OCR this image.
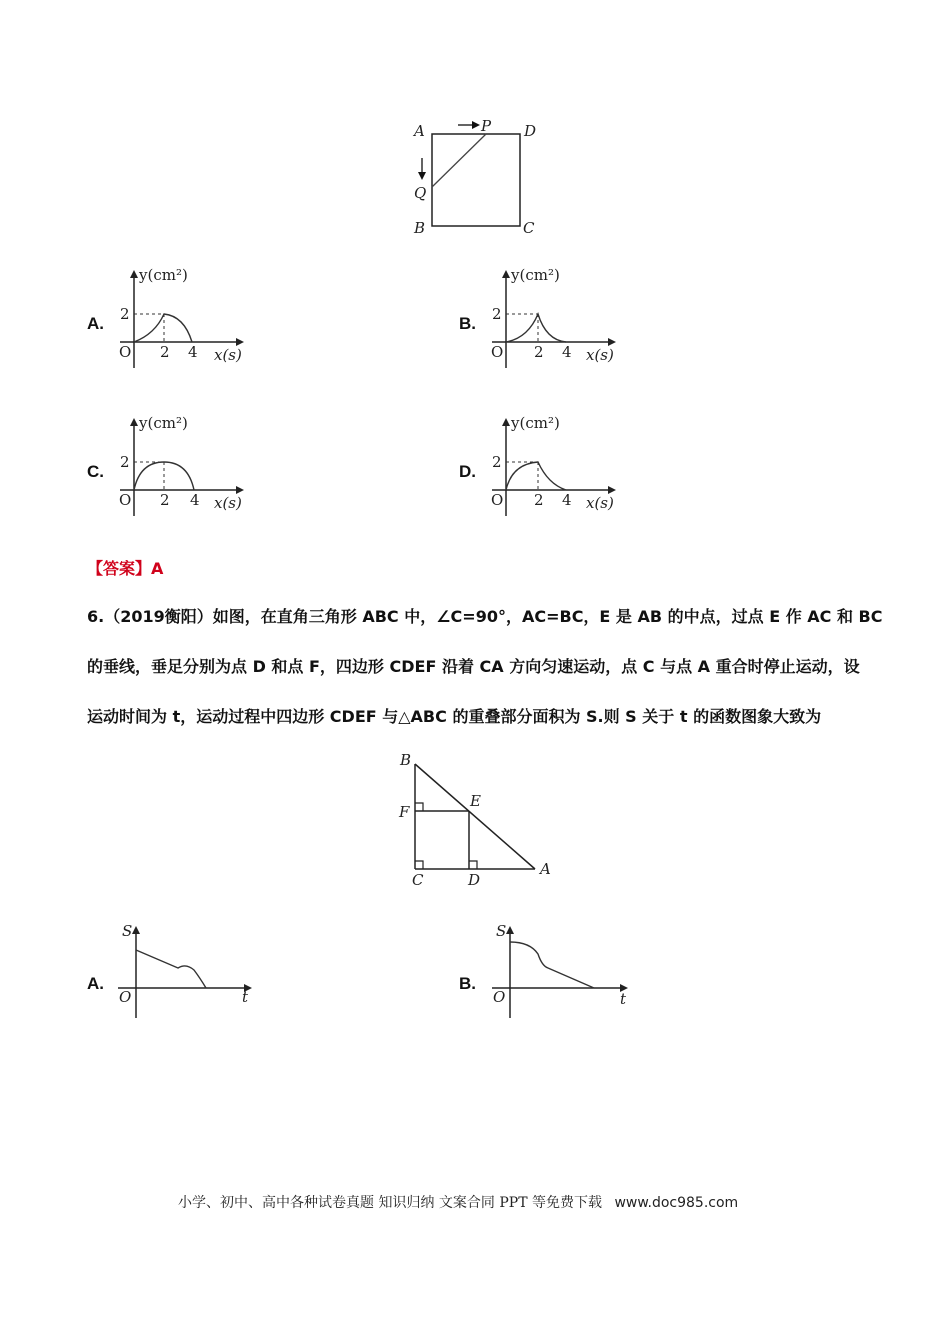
A	P D
Q
B	C
A.
y(cm²)
2
O 2 4 x(s)
B.
y(cm²)
2
O 2 4 x(s)
C.
y(cm²)
2
O 2 4 x(s)
D.
y(cm²)
2
O 2 4 x(s)
【答案】A
6.（2019衡阳）如图，在直角三角形 ABC 中，∠C=90°，AC=BC，E 是 AB 的中点，过点 E 作 AC 和 BC
的垂线，垂足分别为点 D 和点 F，四边形 CDEF 沿着 CA 方向匀速运动，点 C 与点 A 重合时停止运动，设
运动时间为 t，运动过程中四边形 CDEF 与△ABC 的重叠部分面积为 S.则 S 关于 t 的函数图象大致为
B
E
F
A
C	D
A.
S
O	t
B.
S
O	t
小学、初中、高中各种试卷真题 知识归纳 文案合同 PPT 等免费下载 www.doc985.com
